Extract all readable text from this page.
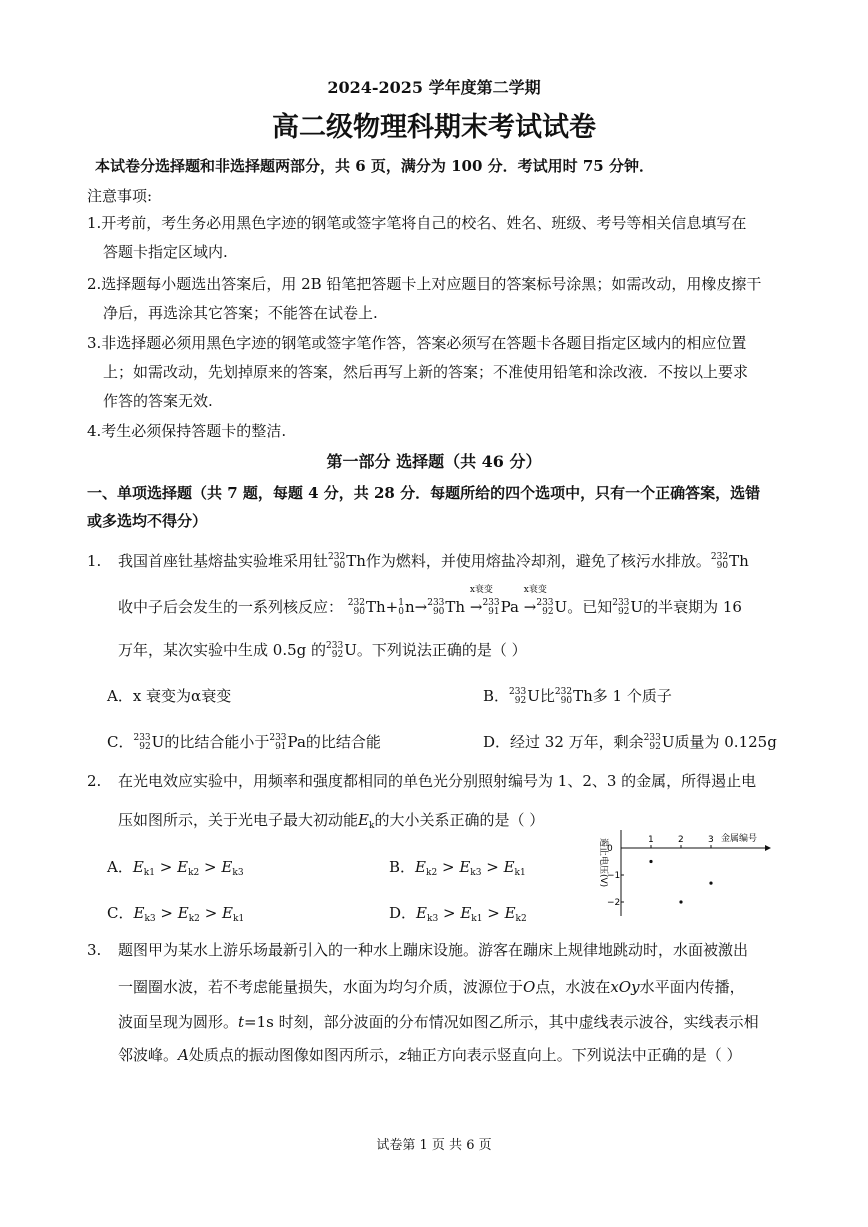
2024-2025 学年度第二学期
高二级物理科期末考试试卷
本试卷分选择题和非选择题两部分，共 6 页，满分为 100 分．考试用时 75 分钟．
注意事项:
1.开考前，考生务必用黑色字迹的钢笔或签字笔将自己的校名、姓名、班级、考号等相关信息填写在
答题卡指定区域内.
2.选择题每小题选出答案后，用 2B 铅笔把答题卡上对应题目的答案标号涂黑；如需改动，用橡皮擦干
净后，再选涂其它答案；不能答在试卷上.
3.非选择题必须用黑色字迹的钢笔或签字笔作答，答案必须写在答题卡各题目指定区域内的相应位置
上；如需改动，先划掉原来的答案，然后再写上新的答案；不准使用铅笔和涂改液．不按以上要求
作答的答案无效.
4.考生必须保持答题卡的整洁.
第一部分 选择题（共 46 分）
一、单项选择题（共 7 题，每题 4 分，共 28 分．每题所给的四个选项中，只有一个正确答案，选错
或多选均不得分）
1. 我国首座钍基熔盐实验堆采用钍 232
90 Th作为燃料，并使用熔盐冷却剂，避免了核污水排放。 232
90 Th
收中子后会发生的一系列核反应： 232
90 Th+ 1
0 n→ 233
90 Th
x衰变
→ 233
91 Pa
x衰变
→ 233
92 U。已知 233
92 U的半衰期为 16
万年，某次实验中生成 0.5g 的 233
92 U。下列说法正确的是（ ）
A．x 衰变为α衰变	B． 233
92 U比 232
90 Th多 1 个质子
C． 233
92 U的比结合能小于 233
91 Pa的比结合能	D．经过 32 万年，剩余 233
92 U质量为 0.125g
2. 在光电效应实验中，用频率和强度都相同的单色光分别照射编号为 1、2、3 的金属，所得遏止电
压如图所示，关于光电子最大初动能$E_k$的大小关系正确的是（ ）
A．$E_{k1} > E_{k2} > E_{k3}$	B．$E_{k2} > E_{k3} > E_{k1}$
C．$E_{k3} > E_{k2} > E_{k1}$	D．$E_{k3} > E_{k1} > E_{k2}$
遏止电压(V)	金属编号
1	2	3
0
−1
−2
3. 题图甲为某水上游乐场最新引入的一种水上蹦床设施。游客在蹦床上规律地跳动时，水面被激出
一圈圈水波，若不考虑能量损失，水面为均匀介质，波源位于O点，水波在xOy水平面内传播，
波面呈现为圆形。t=1s 时刻，部分波面的分布情况如图乙所示，其中虚线表示波谷，实线表示相
邻波峰。A处质点的振动图像如图丙所示，z轴正方向表示竖直向上。下列说法中正确的是（ ）
试卷第 1 页 共 6 页
